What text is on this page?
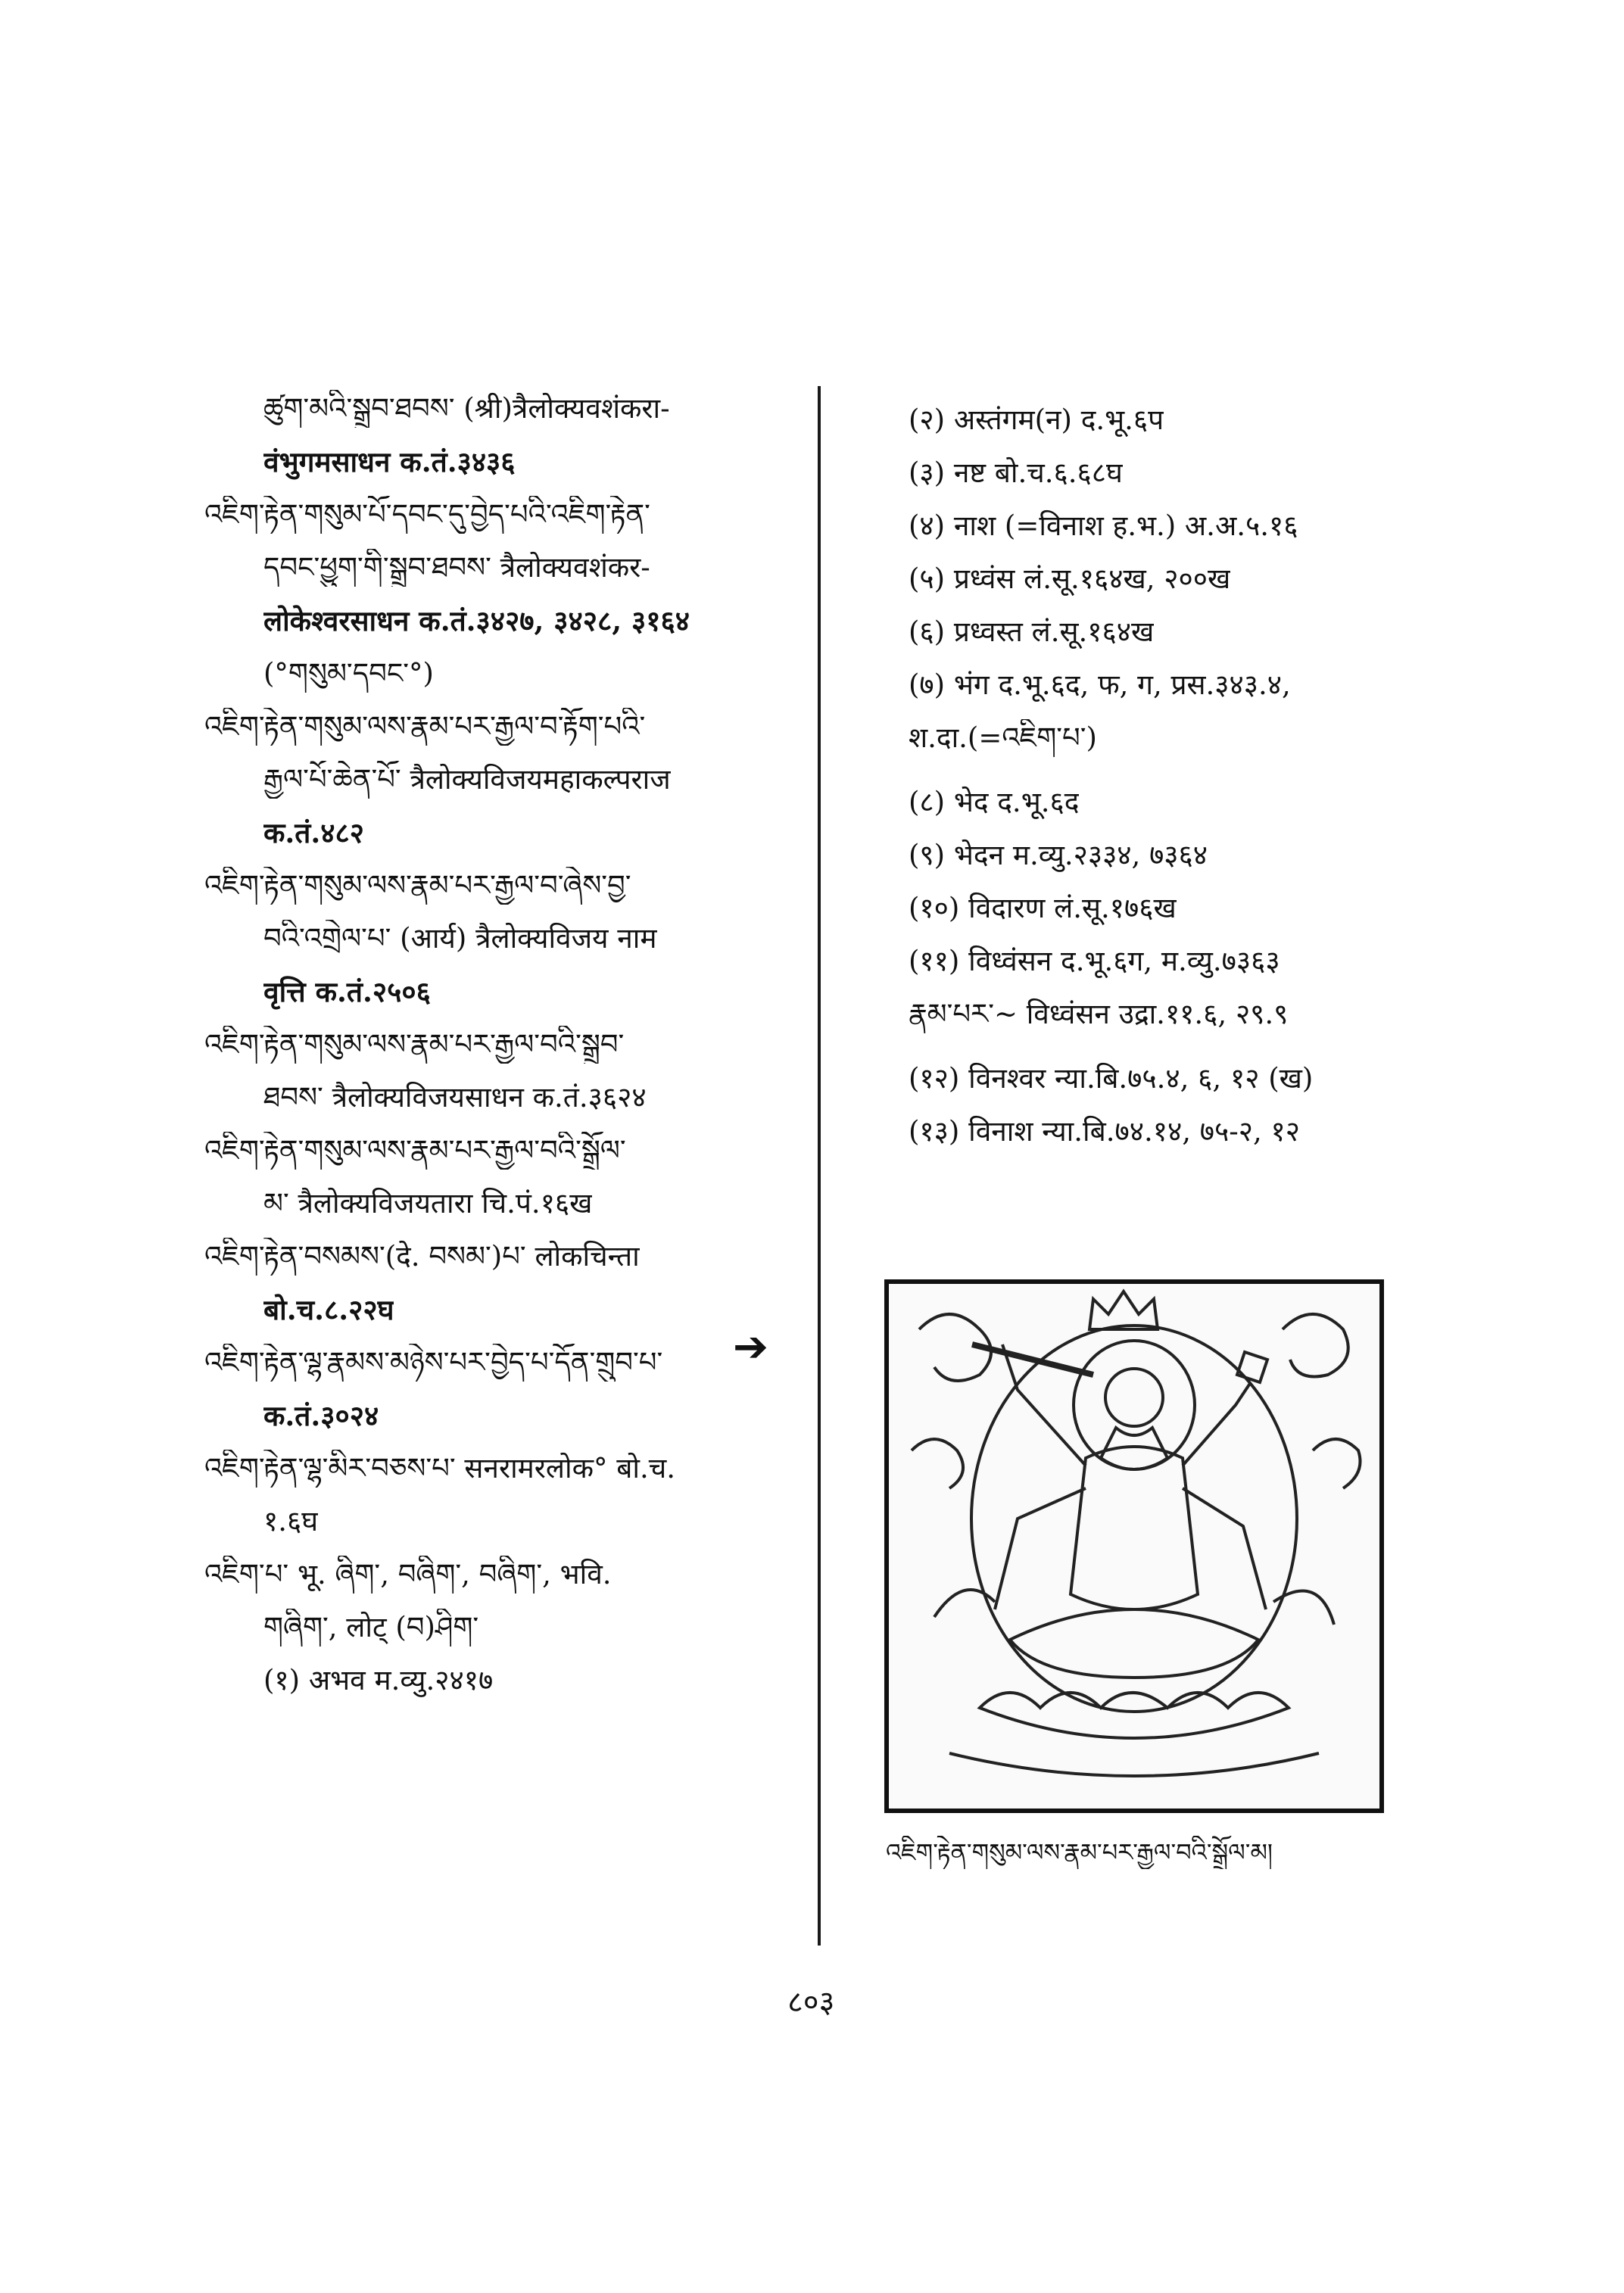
ཚུག་མའི་སྒྲུབ་ཐབས་ (श्री)त्रैलोक्यवशंकरा-
वंभुगमसाधन क.तं.३४३६
འཇིག་རྟེན་གསུམ་པོ་དབང་དུ་བྱེད་པའི་འཇིག་རྟེན་
དབང་ཕྱུག་གི་སྒྲུབ་ཐབས་ त्रैलोक्यवशंकर-
लोकेश्वरसाधन क.तं.३४२७, ३४२८, ३१६४
(°གསུམ་དབང་°)
འཇིག་རྟེན་གསུམ་ལས་རྣམ་པར་རྒྱལ་བ་རྟོག་པའི་
རྒྱལ་པོ་ཆེན་པོ་ त्रैलोक्यविजयमहाकल्पराज
क.तं.४८२
འཇིག་རྟེན་གསུམ་ལས་རྣམ་པར་རྒྱལ་བ་ཞེས་བྱ་
བའི་འགྲེལ་པ་ (आर्य) त्रैलोक्यविजय नाम
वृत्ति क.तं.२५०६
འཇིག་རྟེན་གསུམ་ལས་རྣམ་པར་རྒྱལ་བའི་སྒྲུབ་
ཐབས་ त्रैलोक्यविजयसाधन क.तं.३६२४
འཇིག་རྟེན་གསུམ་ལས་རྣམ་པར་རྒྱལ་བའི་སྒྲོལ་
མ་ त्रैलोक्यविजयतारा चि.पं.१६ख
འཇིག་རྟེན་བསམས་(दे. བསམ་)པ་ लोकचिन्ता
बो.च.८.२२घ
འཇིག་རྟེན་ལྷ་རྣམས་མཉེས་པར་བྱེད་པ་དོན་གྲུབ་པ་
क.तं.३०२४
འཇིག་རྟེན་ལྷ་མིར་བཅས་པ་ सनरामरलोक° बो.च.
१.६घ
འཇིག་པ་ भू. ཞིག་, བཞིག་, བཞིག་, भवि.
གཞིག་, लोट् (བ)ཤིག་
(१) अभव म.व्यु.२४१७
➔
(२) अस्तंगम(न) द.भू.६प
(३) नष्ट बो.च.६.६८घ
(४) नाश (=विनाश ह.भ.) अ.अ.५.१६
(५) प्रध्वंस लं.सू.१६४ख, २००ख
(६) प्रध्वस्त लं.सू.१६४ख
(७) भंग द.भू.६द, फ, ग, प्रस.३४३.४,
श.दा.(=འཇིག་པ་)
(८) भेद द.भू.६द
(९) भेदन म.व्यु.२३३४, ७३६४
(१०) विदारण लं.सू.१७६ख
(११) विध्वंसन द.भू.६ग, म.व्यु.७३६३
རྣམ་པར་~ विध्वंसन उद्रा.११.६, २९.९
(१२) विनश्वर न्या.बि.७५.४, ६, १२ (ख)
(१३) विनाश न्या.बि.७४.१४, ७५-२, १२
འཇིག་རྟེན་གསུམ་ལས་རྣམ་པར་རྒྱལ་བའི་སྒྲོལ་མ།
८०३
